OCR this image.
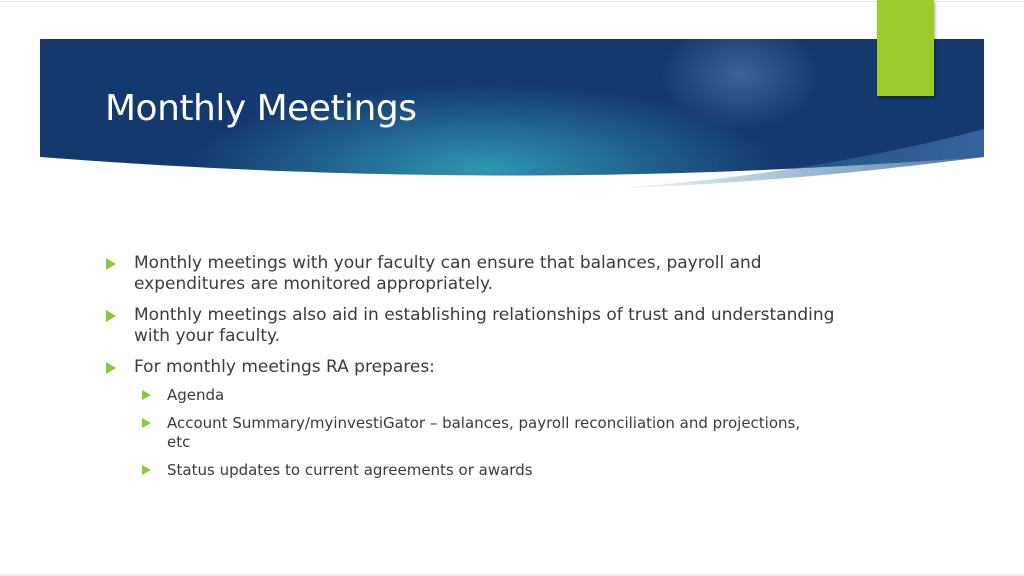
Monthly Meetings
Monthly meetings with your faculty can ensure that balances, payroll and expenditures are monitored appropriately.
Monthly meetings also aid in establishing relationships of trust and understanding with your faculty.
For monthly meetings RA prepares:
Agenda
Account Summary/myinvestiGator – balances, payroll reconciliation and projections, etc
Status updates to current agreements or awards
